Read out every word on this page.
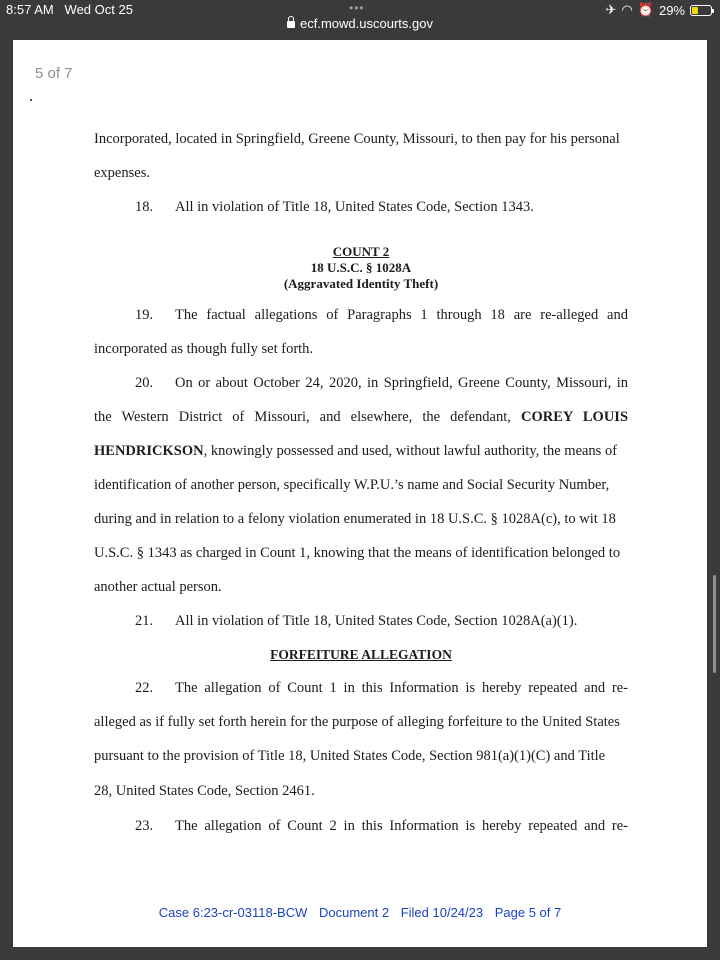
8:57 AM Wed Oct 25	•••	✈ ◠ ⏰ 29%
ecf.mowd.uscourts.gov
5 of 7
Incorporated, located in Springfield, Greene County, Missouri, to then pay for his personal
expenses.
18. All in violation of Title 18, United States Code, Section 1343.
COUNT 2
18 U.S.C. § 1028A
(Aggravated Identity Theft)
19.	The factual allegations of Paragraphs 1 through 18 are re-alleged and
incorporated as though fully set forth.
20.	On or about October 24, 2020, in Springfield, Greene County, Missouri, in
the Western District of Missouri, and elsewhere, the defendant, COREY LOUIS
HENDRICKSON, knowingly possessed and used, without lawful authority, the means of
identification of another person, specifically W.P.U.’s name and Social Security Number,
during and in relation to a felony violation enumerated in 18 U.S.C. § 1028A(c), to wit 18
U.S.C. § 1343 as charged in Count 1, knowing that the means of identification belonged to
another actual person.
21. All in violation of Title 18, United States Code, Section 1028A(a)(1).
FORFEITURE ALLEGATION
22.	The allegation of Count 1 in this Information is hereby repeated and re-
alleged as if fully set forth herein for the purpose of alleging forfeiture to the United States
pursuant to the provision of Title 18, United States Code, Section 981(a)(1)(C) and Title
28, United States Code, Section 2461.
23.	The allegation of Count 2 in this Information is hereby repeated and re-
Case 6:23-cr-03118-BCW Document 2 Filed 10/24/23 Page 5 of 7
